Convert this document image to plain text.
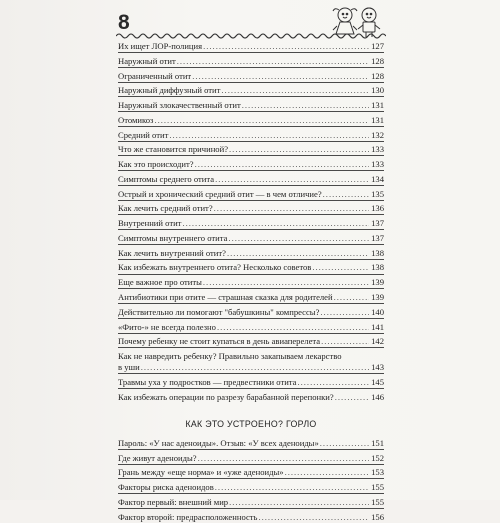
8
Их ищет ЛОР-полиция .....	127
Наружный отит .....	128
Ограниченный отит .....	128
Наружный диффузный отит .....	130
Наружный злокачественный отит .....	131
Отомикоз .....	131
Средний отит .....	132
Что же становится причиной? .....	133
Как это происходит? .....	133
Симптомы среднего отита .....	134
Острый и хронический средний отит — в чем отличие? .....	135
Как лечить средний отит? .....	136
Внутренний отит .....	137
Симптомы внутреннего отита .....	137
Как лечить внутренний отит? .....	138
Как избежать внутреннего отита? Несколько советов .....	138
Еще важное про отиты .....	139
Антибиотики при отите — страшная сказка для родителей .....	139
Действительно ли помогают "бабушкины" компрессы? .....	140
«Фито-» не всегда полезно .....	141
Почему ребенку не стоит купаться в день авиаперелета .....	142
Как не навредить ребенку? Правильно закапываем лекарство
в уши .....	143
Травмы уха у подростков — предвестники отита .....	145
Как избежать операции по разрезу барабанной перепонки? .....	146
КАК ЭТО УСТРОЕНО? ГОРЛО
Пароль: «У нас аденоиды». Отзыв: «У всех аденоиды» .....	151
Где живут аденоиды? .....	152
Грань между «еще норма» и «уже аденоиды» .....	153
Факторы риска аденоидов .....	155
Фактор первый: внешний мир .....	155
Фактор второй: предрасположенность .....	156
